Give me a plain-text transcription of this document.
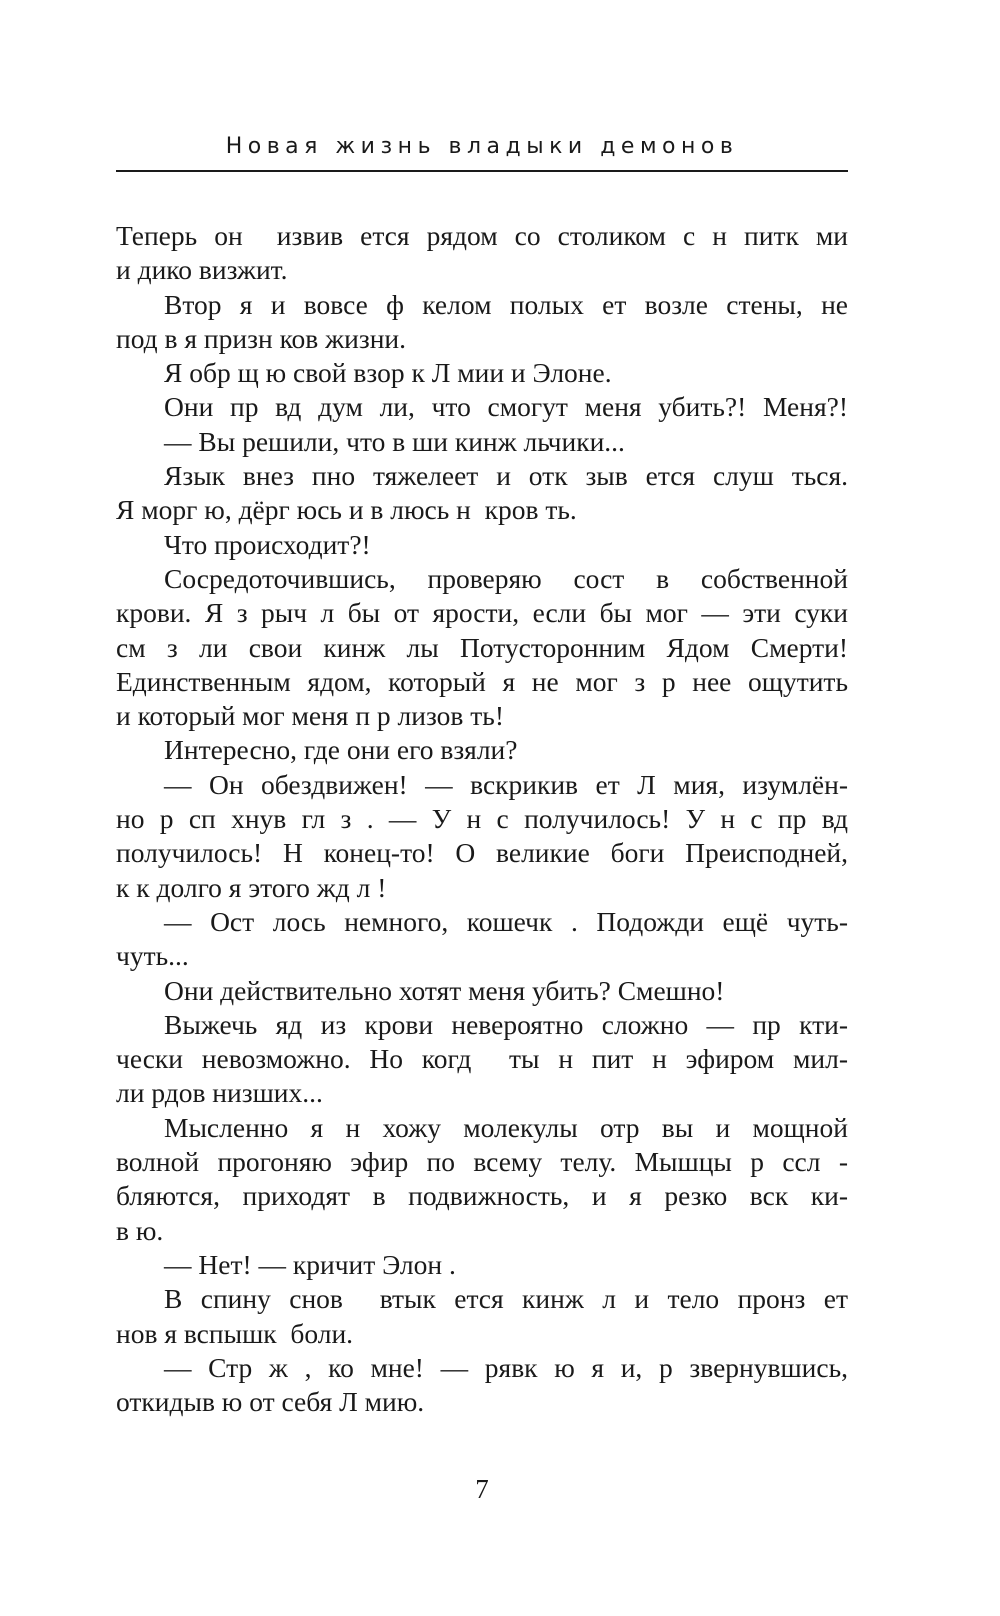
Новая жизнь владыки демонов
Теперь он  извив ется рядом со столиком с н питк ми
и дико визжит.
Втор я и вовсе ф келом полых ет возле стены, не
под в я призн ков жизни.
Я обр щ ю свой взор к Л мии и Элоне.
Они пр вд дум ли, что смогут меня убить?! Меня?!
— Вы решили, что в ши кинж льчики...
Язык внез пно тяжелеет и отк зыв ется слуш ться.
Я морг ю, дёрг юсь и в люсь н  кров ть.
Что происходит?!
Сосредоточившись, проверяю сост в собственной
крови. Я з рыч л бы от ярости, если бы мог — эти суки
см з ли свои кинж лы Потусторонним Ядом Смерти!
Единственным ядом, который я не мог з р нее ощутить
и который мог меня п р лизов ть!
Интересно, где они его взяли?
— Он обездвижен! — вскрикив ет Л мия, изумлён-
но р сп хнув гл з . — У н с получилось! У н с пр вд
получилось! Н конец-то! О великие боги Преисподней,
к к долго я этого жд л !
— Ост лось немного, кошечк . Подожди ещё чуть-
чуть...
Они действительно хотят меня убить? Смешно!
Выжечь яд из крови невероятно сложно — пр кти-
чески невозможно. Но когд  ты н пит н эфиром мил-
ли рдов низших...
Мысленно я н хожу молекулы отр вы и мощной
волной прогоняю эфир по всему телу. Мышцы р ссл -
бляются, приходят в подвижность, и я резко вск ки-
в ю.
— Нет! — кричит Элон .
В спину снов  втык ется кинж л и тело пронз ет
нов я вспышк  боли.
— Стр ж , ко мне! — рявк ю я и, р звернувшись,
откидыв ю от себя Л мию.
7
